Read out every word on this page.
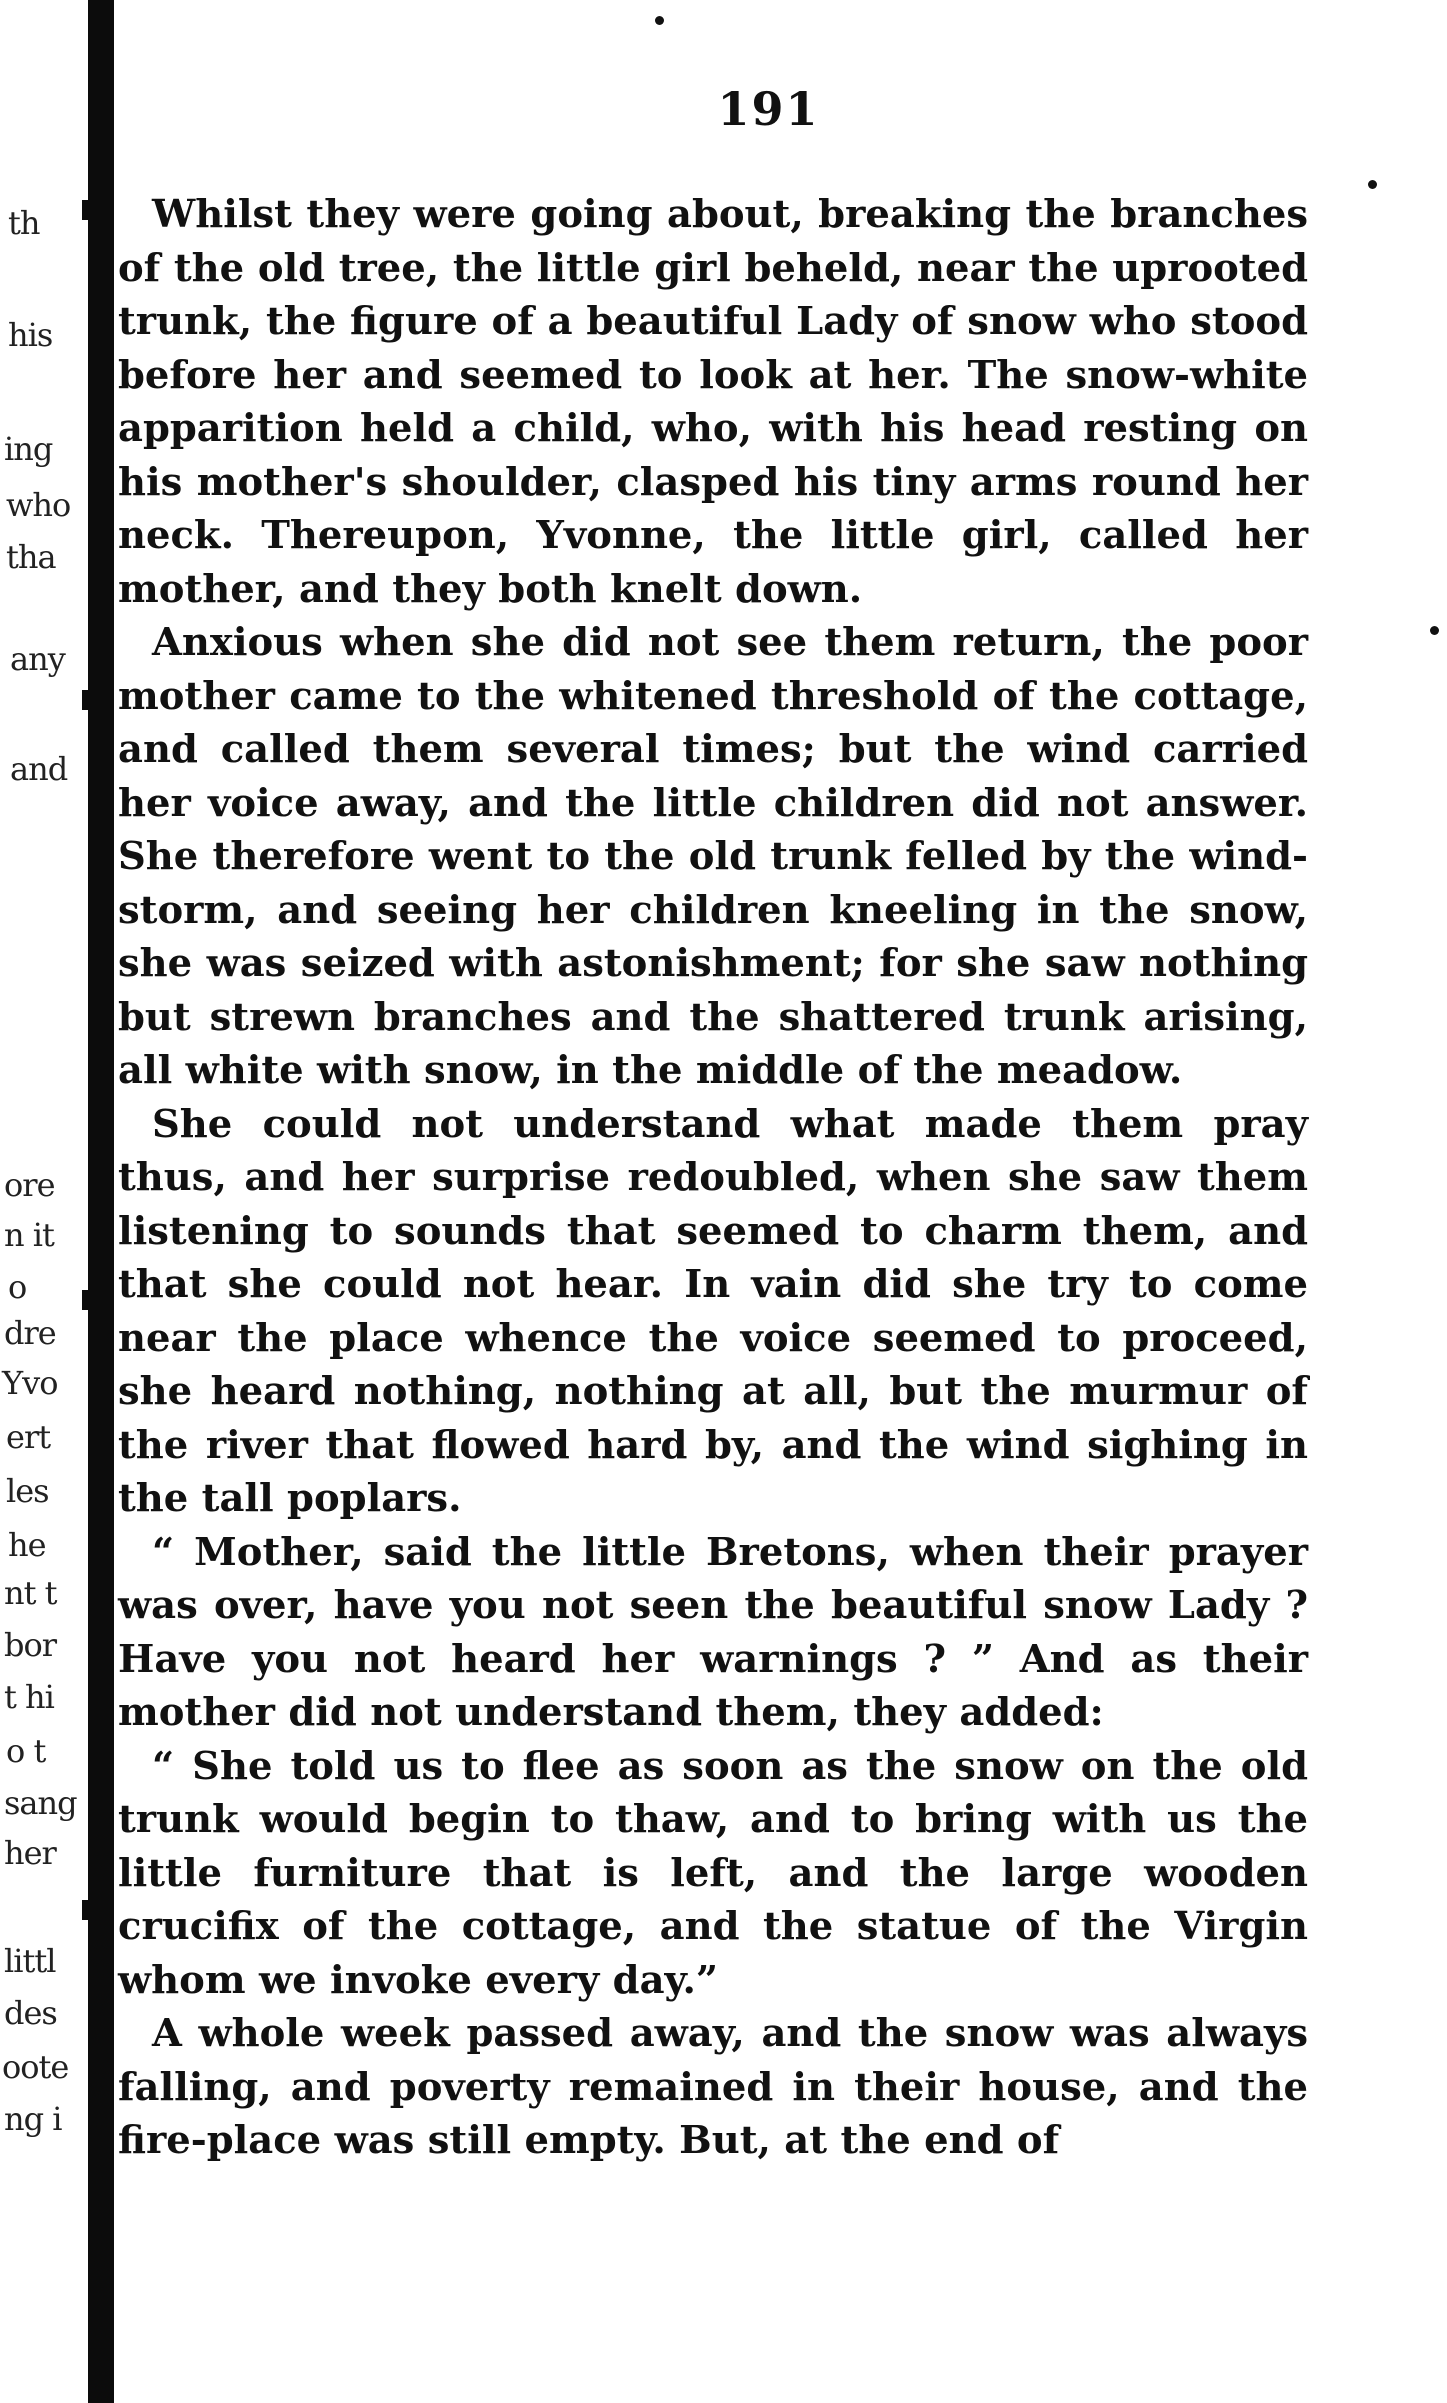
th
his
ing
who
tha
any
and
ore
n it
o
dre
Yvo
ert
les
he
nt t
bor
t hi
o t
sang
her
littl
des
oote
ng i
191

Whilst they were going about, breaking the branches of the old tree, the little girl beheld, near the uprooted trunk, the figure of a beautiful Lady of snow who stood before her and seemed to look at her. The snow-white apparition held a child, who, with his head resting on his mother's shoulder, clasped his tiny arms round her neck. Thereupon, Yvonne, the little girl, called her mother, and they both knelt down.

Anxious when she did not see them return, the poor mother came to the whitened threshold of the cottage, and called them several times; but the wind carried her voice away, and the little children did not answer. She therefore went to the old trunk felled by the wind-storm, and seeing her children kneeling in the snow, she was seized with astonishment; for she saw nothing but strewn branches and the shattered trunk arising, all white with snow, in the middle of the meadow.

She could not understand what made them pray thus, and her surprise redoubled, when she saw them listening to sounds that seemed to charm them, and that she could not hear. In vain did she try to come near the place whence the voice seemed to proceed, she heard nothing, nothing at all, but the murmur of the river that flowed hard by, and the wind sighing in the tall poplars.

“ Mother, said the little Bretons, when their prayer was over, have you not seen the beautiful snow Lady ? Have you not heard her warnings ? ” And as their mother did not understand them, they added:

“ She told us to flee as soon as the snow on the old trunk would begin to thaw, and to bring with us the little furniture that is left, and the large wooden crucifix of the cottage, and the statue of the Virgin whom we invoke every day.”

A whole week passed away, and the snow was always falling, and poverty remained in their house, and the fire-place was still empty. But, at the end of
